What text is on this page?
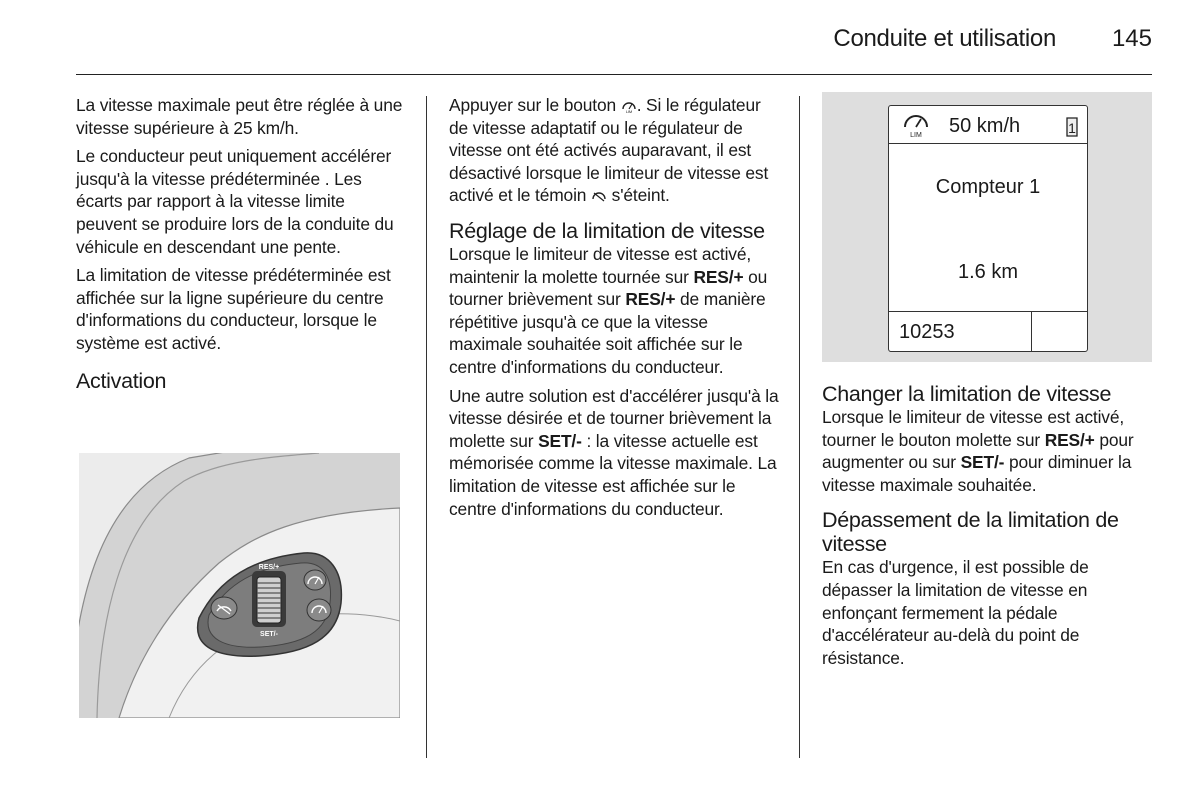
Conduite et utilisation	145

La vitesse maximale peut être réglée à une vitesse supérieure à 25 km/h.

Le conducteur peut uniquement accélérer jusqu'à la vitesse prédéterminée . Les écarts par rapport à la vitesse limite peuvent se produire lors de la conduite du véhicule en descendant une pente.

La limitation de vitesse prédéterminée est affichée sur la ligne supérieure du centre d'informations du conducteur, lorsque le système est activé.

Activation
RES/+
SET/-

Appuyer sur le bouton LIM . Si le régulateur de vitesse adaptatif ou le régulateur de vitesse ont été activés auparavant, il est désactivé lorsque le limiteur de vitesse est activé et le témoin  s'éteint.

Réglage de la limitation de vitesse

Lorsque le limiteur de vitesse est activé, maintenir la molette tournée sur RES/+ ou tourner brièvement sur RES/+ de manière répétitive jusqu'à ce que la vitesse maximale souhaitée soit affichée sur le centre d'informations du conducteur.

Une autre solution est d'accélérer jusqu'à la vitesse désirée et de tourner brièvement la molette sur SET/- : la vitesse actuelle est mémorisée comme la vitesse maximale. La limitation de vitesse est affichée sur le centre d'informations du conducteur.

LIM 50 km/h	1
Compteur 1
1.6 km
10253
Changer la limitation de vitesse

Lorsque le limiteur de vitesse est activé, tourner le bouton molette sur RES/+ pour augmenter ou sur SET/- pour diminuer la vitesse maximale souhaitée.

Dépassement de la limitation de vitesse

En cas d'urgence, il est possible de dépasser la limitation de vitesse en enfonçant fermement la pédale d'accélérateur au-delà du point de résistance.
